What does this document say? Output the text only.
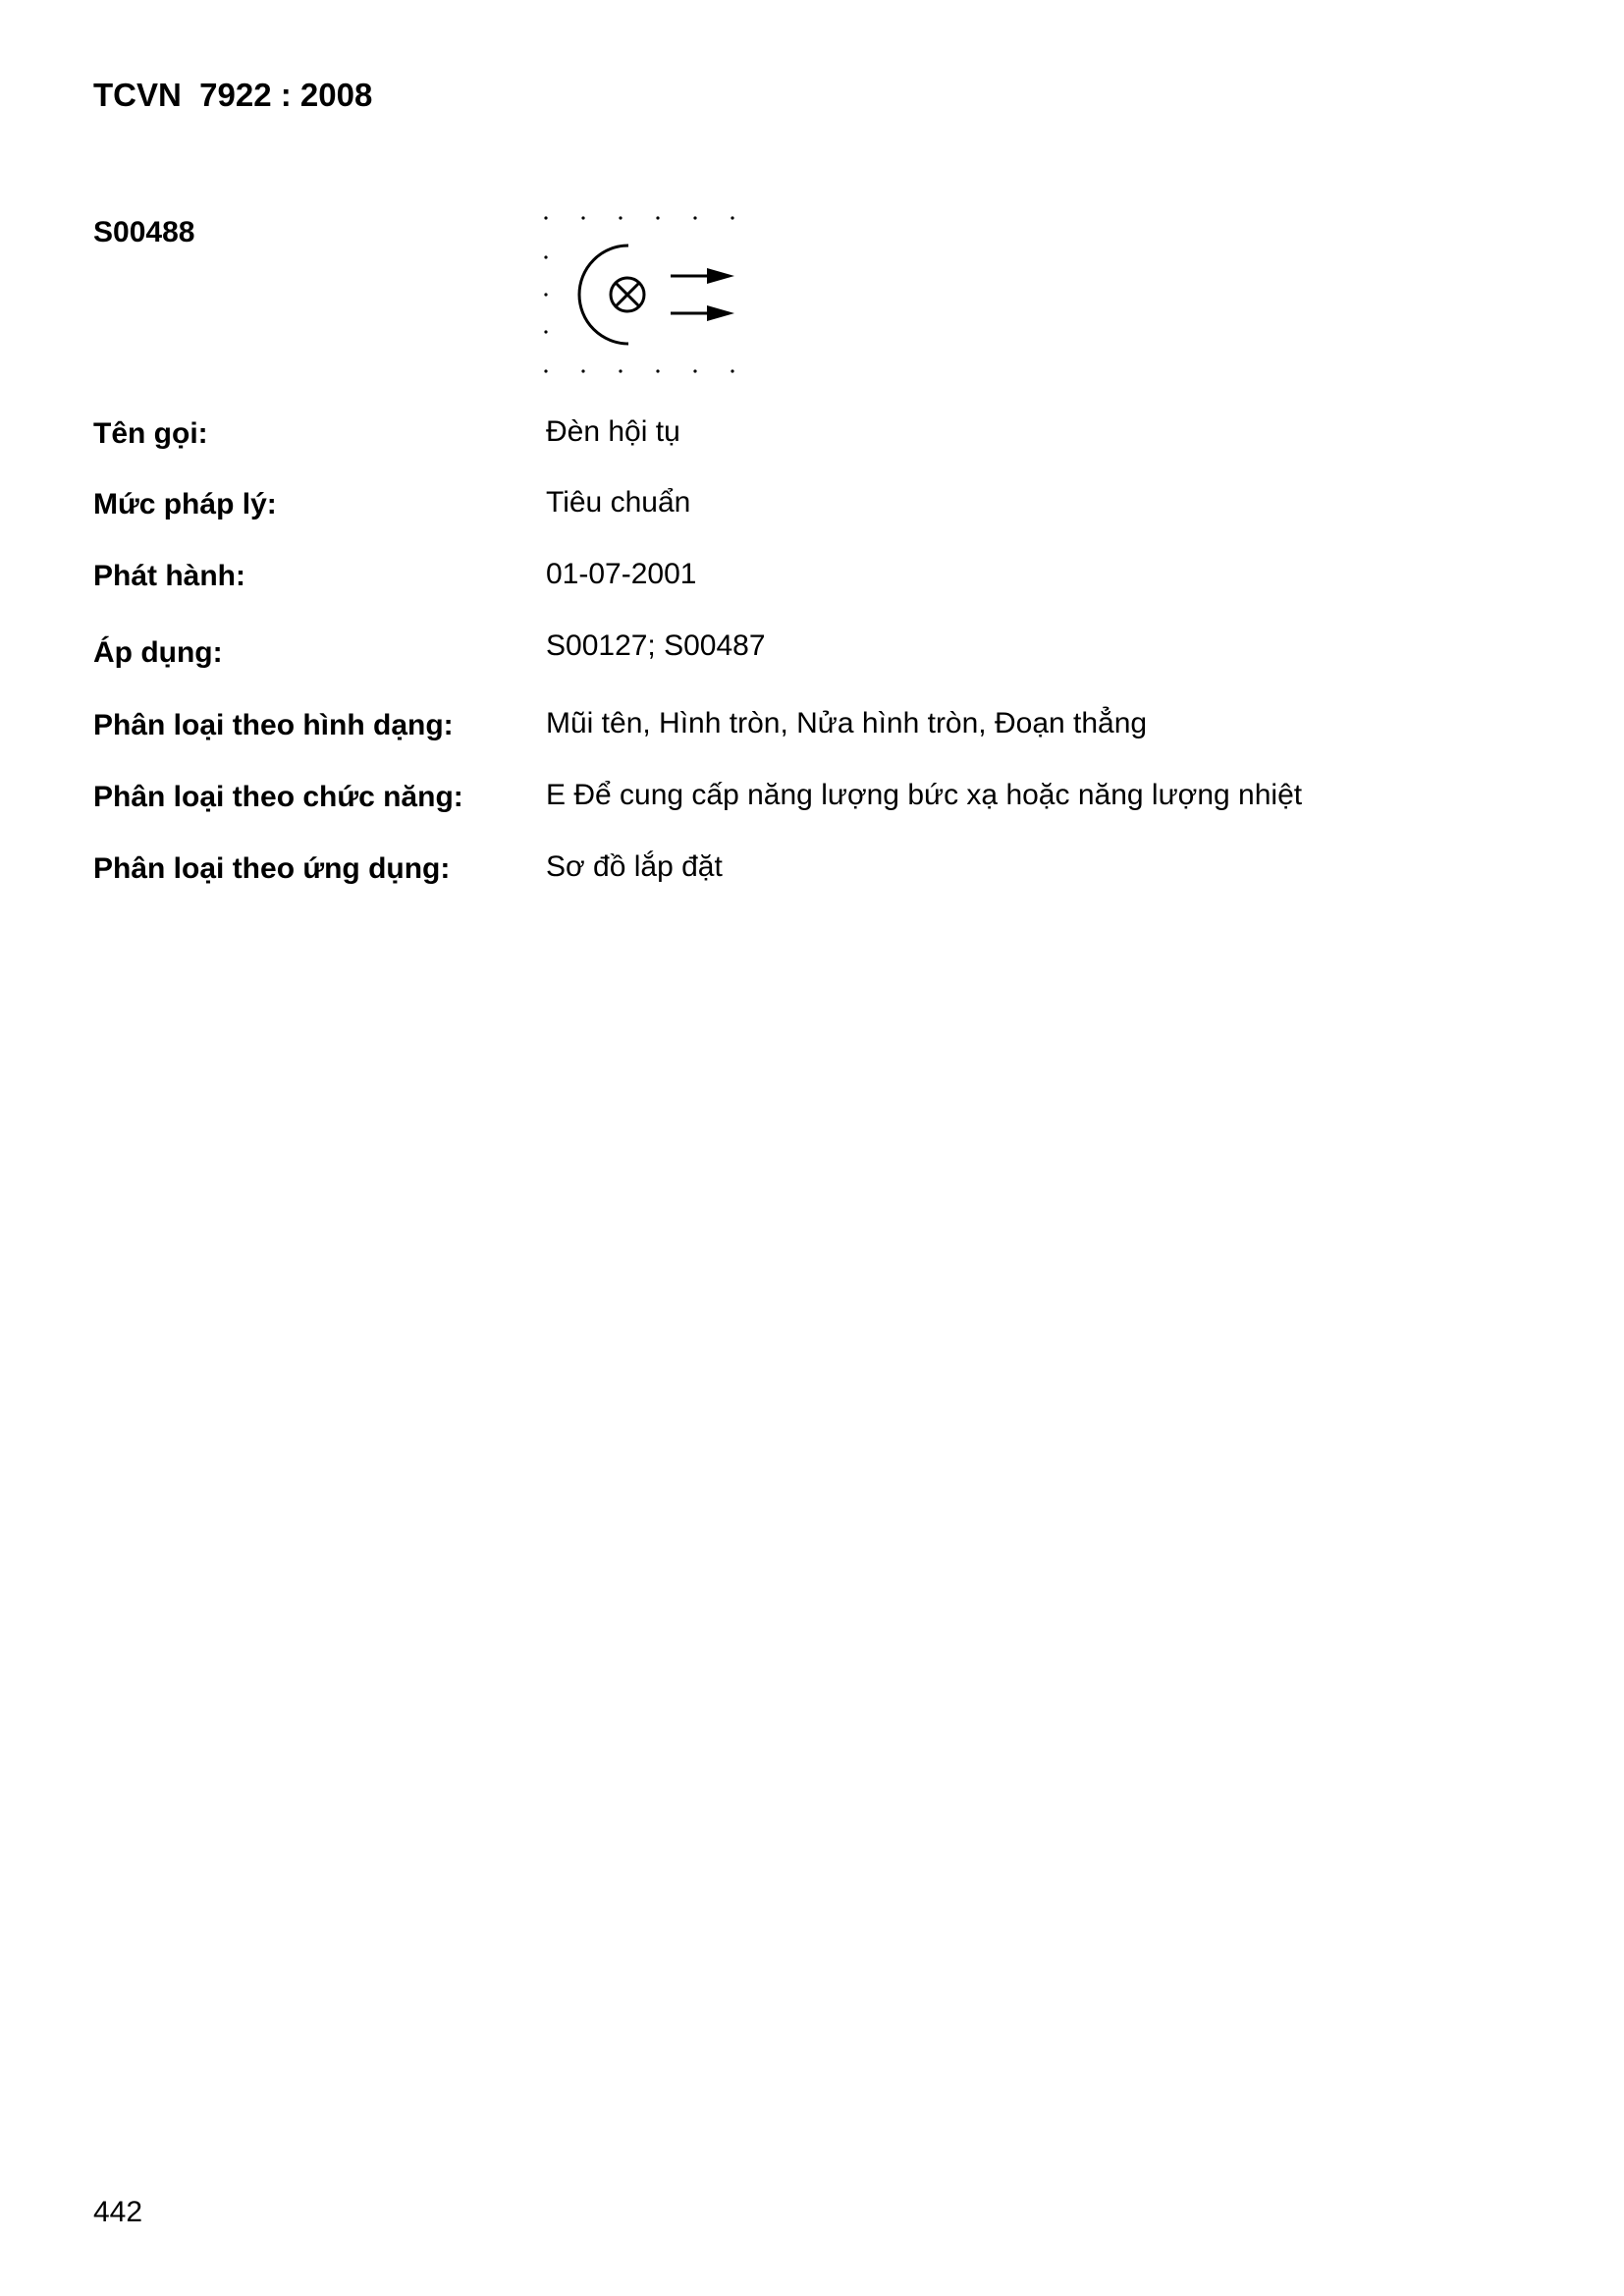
TCVN  7922 : 2008
S00488
Tên gọi:	Đèn hội tụ
Mức pháp lý:	Tiêu chuẩn
Phát hành:	01-07-2001
Áp dụng:	S00127; S00487
Phân loại theo hình dạng:	Mũi tên, Hình tròn, Nửa hình tròn, Đoạn thẳng
Phân loại theo chức năng:	E Để cung cấp năng lượng bức xạ hoặc năng lượng nhiệt
Phân loại theo ứng dụng:	Sơ đồ lắp đặt
442
